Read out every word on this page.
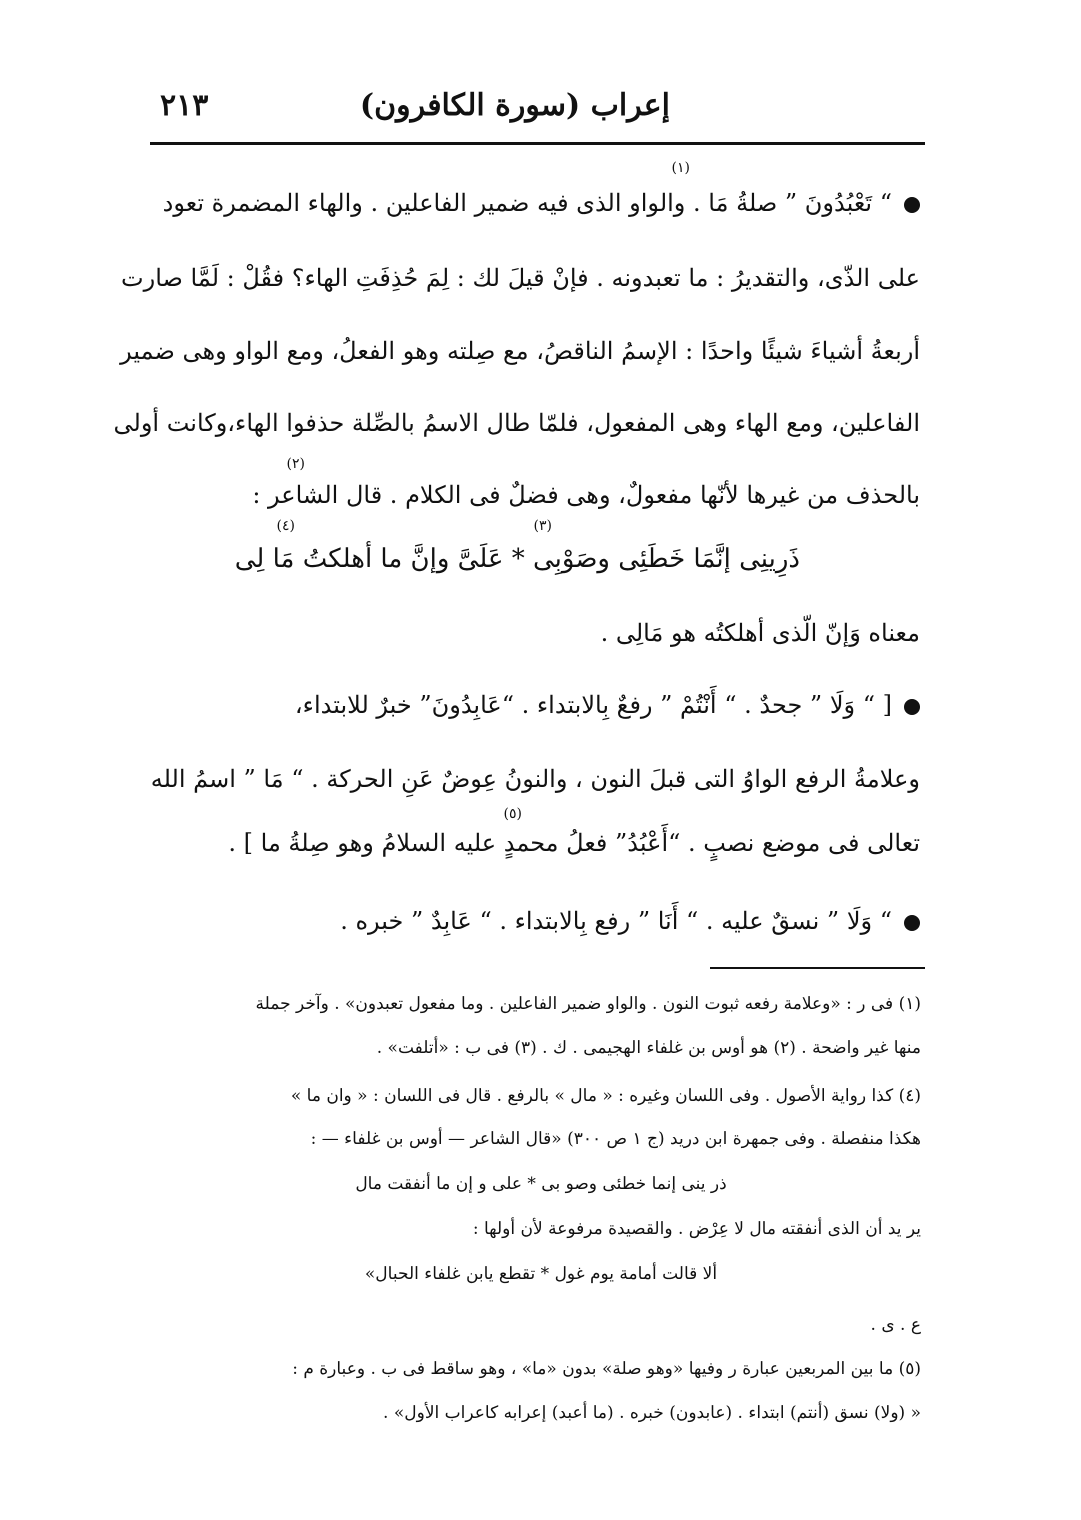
إعراب (سورة الكافرون)
٢١٣
(١)
“ تَعْبُدُونَ ” صلةُ مَا . والواو الذى فيه ضمير الفاعلين . والهاء المضمرة تعود
على الذّى، والتقديرُ : ما تعبدونه . فإنْ قيلَ لك : لِمَ حُذِفَتِ الهاء؟ فقُلْ : لَمَّا صارت
أربعةُ أشياءَ شيئًا واحدًا : الإسمُ الناقصُ، مع صِلته وهو الفعلُ، ومع الواو وهى ضمير
الفاعلين، ومع الهاء وهى المفعول، فلمّا طال الاسمُ بالصِّلة حذفوا الهاء،وكانت أولى
(٢)
بالحذف من غيرها لأنّها مفعولٌ، وهى فضلٌ فى الكلام . قال الشاعر :
(٣)
(٤)
ذَرِينِى إنَّمَا خَطَئِى وصَوْبِى * عَلَىَّ وإنَّ ما أهلكتُ مَا لِى
معناه وَإنّ الّذى أهلكتُه هو مَالِى .
[ “ وَلَا ” جحدٌ . “ أَنْتُمْ ” رفعٌ بِالابتداء . “عَابِدُونَ” خبرٌ للابتداء،
وعلامةُ الرفع الواوُ التى قبلَ النون ، والنونُ عِوضٌ عَنِ الحركة . “ مَا ” اسمُ الله
(٥)
تعالى فى موضع نصبٍ . “أَعْبُدُ” فعلُ محمدٍ عليه السلامُ وهو صِلةُ ما ] .
“ وَلَا ” نسقٌ عليه . “ أَنَا ” رفع بِالابتداء . “ عَابِدٌ ” خبره .
(١) فى ر : «وعلامة رفعه ثبوت النون . والواو ضمير الفاعلين . وما مفعول تعبدون» . وآخر جملة
منها غير واضحة . (٢) هو أوس بن غلفاء الهجيمى . ك . (٣) فى ب : «أتلفت» .
(٤) كذا رواية الأصول . وفى اللسان وغيره : « مال » بالرفع . قال فى اللسان : « وان ما »
هكذا منفصلة . وفى جمهرة ابن دريد (ج ١ ص ٣٠٠) «قال الشاعر — أوس بن غلفاء — :
ذر ينى إنما خطئى وصو بى * على و إن ما أنفقت مال
ير يد أن الذى أنفقته مال لا عِرْض . والقصيدة مرفوعة لأن أولها :
ألا قالت أمامة يوم غول * تقطع يابن غلفاء الحبال»
ع . ى .
(٥) ما بين المربعين عبارة ر وفيها «وهو صلة» بدون «ما» ، وهو ساقط فى ب . وعبارة م :
« (ولا) نسق (أنتم) ابتداء . (عابدون) خبره . (ما أعبد) إعرابه كاعراب الأول» .
